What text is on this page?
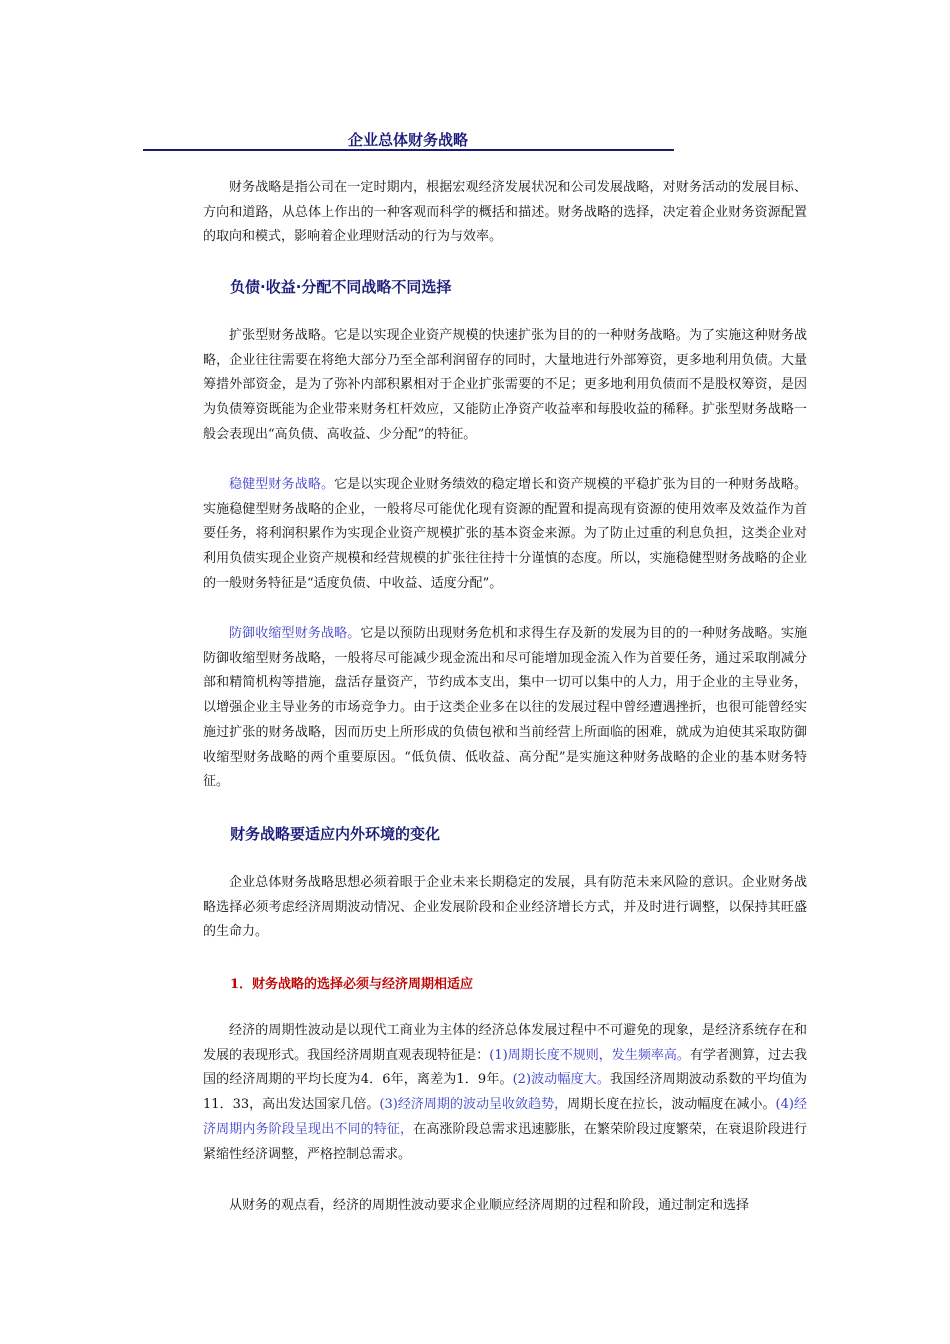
企业总体财务战略

财务战略是指公司在一定时期内，根据宏观经济发展状况和公司发展战略，对财务活动的发展目标、方向和道路，从总体上作出的一种客观而科学的概括和描述。财务战略的选择，决定着企业财务资源配置的取向和模式，影响着企业理财活动的行为与效率。

负债·收益·分配不同战略不同选择

扩张型财务战略。它是以实现企业资产规模的快速扩张为目的的一种财务战略。为了实施这种财务战略，企业往往需要在将绝大部分乃至全部利润留存的同时，大量地进行外部筹资，更多地利用负债。大量筹措外部资金，是为了弥补内部积累相对于企业扩张需要的不足；更多地利用负债而不是股权筹资，是因为负债筹资既能为企业带来财务杠杆效应，又能防止净资产收益率和每股收益的稀释。扩张型财务战略一般会表现出“高负债、高收益、少分配”的特征。

稳健型财务战略。它是以实现企业财务绩效的稳定增长和资产规模的平稳扩张为目的一种财务战略。实施稳健型财务战略的企业，一般将尽可能优化现有资源的配置和提高现有资源的使用效率及效益作为首要任务，将利润积累作为实现企业资产规模扩张的基本资金来源。为了防止过重的利息负担，这类企业对利用负债实现企业资产规模和经营规模的扩张往往持十分谨慎的态度。所以，实施稳健型财务战略的企业的一般财务特征是“适度负债、中收益、适度分配”。

防御收缩型财务战略。它是以预防出现财务危机和求得生存及新的发展为目的的一种财务战略。实施防御收缩型财务战略，一般将尽可能减少现金流出和尽可能增加现金流入作为首要任务，通过采取削减分部和精简机构等措施，盘活存量资产，节约成本支出，集中一切可以集中的人力，用于企业的主导业务，以增强企业主导业务的市场竞争力。由于这类企业多在以往的发展过程中曾经遭遇挫折，也很可能曾经实施过扩张的财务战略，因而历史上所形成的负债包袱和当前经营上所面临的困难，就成为迫使其采取防御收缩型财务战略的两个重要原因。“低负债、低收益、高分配”是实施这种财务战略的企业的基本财务特征。

财务战略要适应内外环境的变化

企业总体财务战略思想必须着眼于企业未来长期稳定的发展，具有防范未来风险的意识。企业财务战略选择必须考虑经济周期波动情况、企业发展阶段和企业经济增长方式，并及时进行调整，以保持其旺盛的生命力。

1．财务战略的选择必须与经济周期相适应

经济的周期性波动是以现代工商业为主体的经济总体发展过程中不可避免的现象，是经济系统存在和发展的表现形式。我国经济周期直观表现特征是：(1)周期长度不规则，发生频率高。有学者测算，过去我国的经济周期的平均长度为4．6年，离差为1．9年。(2)波动幅度大。我国经济周期波动系数的平均值为11．33，高出发达国家几倍。(3)经济周期的波动呈收敛趋势，周期长度在拉长，波动幅度在减小。(4)经济周期内务阶段呈现出不同的特征，在高涨阶段总需求迅速膨胀，在繁荣阶段过度繁荣，在衰退阶段进行紧缩性经济调整，严格控制总需求。

从财务的观点看，经济的周期性波动要求企业顺应经济周期的过程和阶段，通过制定和选择
